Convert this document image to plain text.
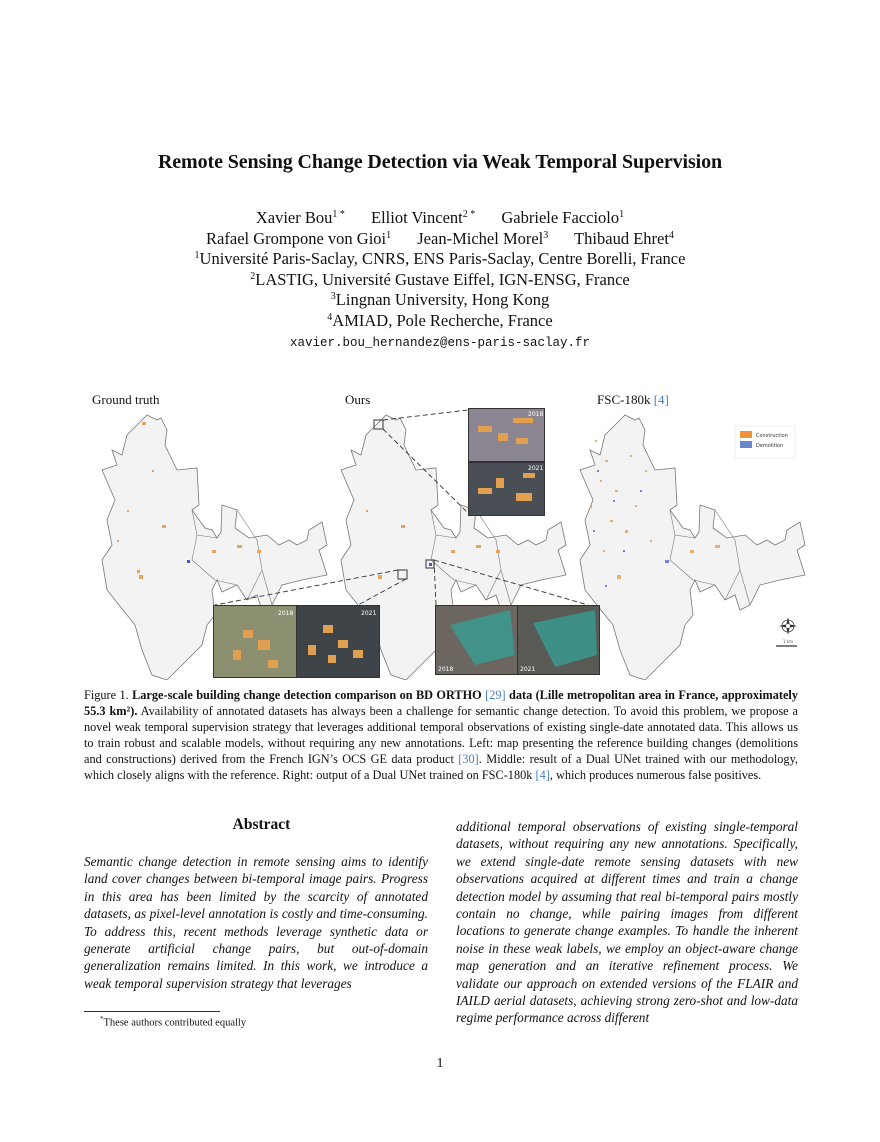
Remote Sensing Change Detection via Weak Temporal Supervision
Xavier Bou$^{1 *}$ Elliot Vincent$^{2 *}$ Gabriele Facciolo$^1$
Rafael Grompone von Gioi$^1$ Jean-Michel Morel$^3$ Thibaud Ehret$^4$
$^1$Université Paris-Saclay, CNRS, ENS Paris-Saclay, Centre Borelli, France
$^2$LASTIG, Université Gustave Eiffel, IGN-ENSG, France
$^3$Lingnan University, Hong Kong
$^4$AMIAD, Pole Recherche, France
xavier.bou_hernandez@ens-paris-saclay.fr
Ground truth	Ours	FSC-180k [4]
Construction
Demolition
1 km
2018
2021
2018	2021
2018	2021
Figure 1. Large-scale building change detection comparison on BD ORTHO [29] data (Lille metropolitan area in France, approximately 55.3 km²). Availability of annotated datasets has always been a challenge for semantic change detection. To avoid this problem, we propose a novel weak temporal supervision strategy that leverages additional temporal observations of existing single-date annotated data. This allows us to train robust and scalable models, without requiring any new annotations. Left: map presenting the reference building changes (demolitions and constructions) derived from the French IGN’s OCS GE data product [30]. Middle: result of a Dual UNet trained with our methodology, which closely aligns with the reference. Right: output of a Dual UNet trained on FSC-180k [4], which produces numerous false positives.
Abstract
Semantic change detection in remote sensing aims to identify land cover changes between bi-temporal image pairs. Progress in this area has been limited by the scarcity of annotated datasets, as pixel-level annotation is costly and time-consuming. To address this, recent methods leverage synthetic data or generate artificial change pairs, but out-of-domain generalization remains limited. In this work, we introduce a weak temporal supervision strategy that leverages
additional temporal observations of existing single-temporal datasets, without requiring any new annotations. Specifically, we extend single-date remote sensing datasets with new observations acquired at different times and train a change detection model by assuming that real bi-temporal pairs mostly contain no change, while pairing images from different locations to generate change examples. To handle the inherent noise in these weak labels, we employ an object-aware change map generation and an iterative refinement process. We validate our approach on extended versions of the FLAIR and IAILD aerial datasets, achieving strong zero-shot and low-data regime performance across different
*These authors contributed equally
1
